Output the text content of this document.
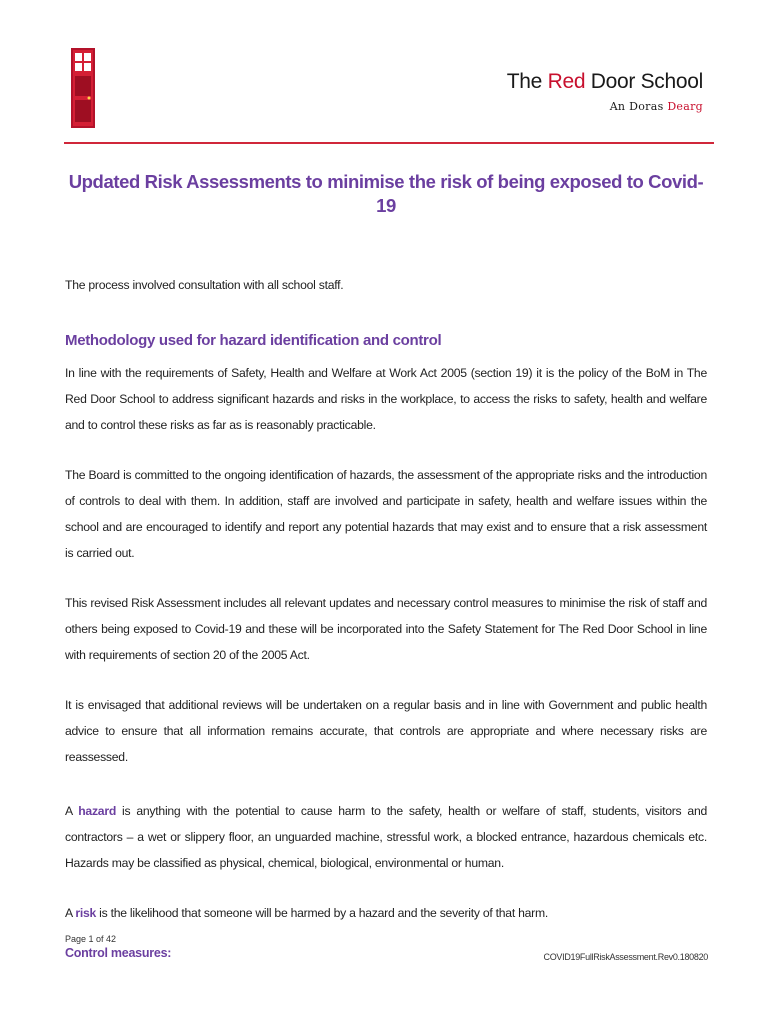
The Red Door School
An Doras Dearg
Updated Risk Assessments to minimise the risk of being exposed to Covid-19

The process involved consultation with all school staff.

Methodology used for hazard identification and control

In line with the requirements of Safety, Health and Welfare at Work Act 2005 (section 19) it is the policy of the BoM in The Red Door School to address significant hazards and risks in the workplace, to access the risks to safety, health and welfare and to control these risks as far as is reasonably practicable.

The Board is committed to the ongoing identification of hazards, the assessment of the appropriate risks and the introduction of controls to deal with them. In addition, staff are involved and participate in safety, health and welfare issues within the school and are encouraged to identify and report any potential hazards that may exist and to ensure that a risk assessment is carried out.

This revised Risk Assessment includes all relevant updates and necessary control measures to minimise the risk of staff and others being exposed to Covid-19 and these will be incorporated into the Safety Statement for The Red Door School in line with requirements of section 20 of the 2005 Act.

It is envisaged that additional reviews will be undertaken on a regular basis and in line with Government and public health advice to ensure that all information remains accurate, that controls are appropriate and where necessary risks are reassessed.

A hazard is anything with the potential to cause harm to the safety, health or welfare of staff, students, visitors and contractors – a wet or slippery floor, an unguarded machine, stressful work, a blocked entrance, hazardous chemicals etc. Hazards may be classified as physical, chemical, biological, environmental or human.

A risk is the likelihood that someone will be harmed by a hazard and the severity of that harm.

Control measures:

Page 1 of 42
COVID19FullRiskAssessment.Rev0.180820
